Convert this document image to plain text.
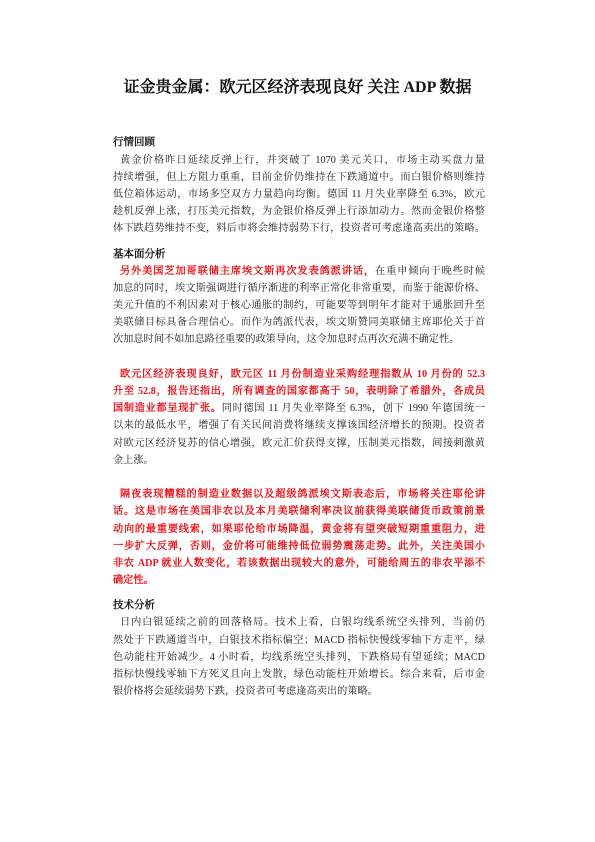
证金贵金属：欧元区经济表现良好 关注 ADP 数据
行情回顾
黄金价格昨日延续反弹上行，并突破了 1070 美元关口，市场主动买盘力量
持续增强，但上方阻力重重，目前金价仍维持在下跌通道中。而白银价格则维持
低位箱体运动，市场多空双方力量趋向均衡。德国 11 月失业率降至 6.3%，欧元
趁机反弹上涨，打压美元指数，为金银价格反弹上行添加动力。然而金银价格整
体下跌趋势维持不变，料后市将会维持弱势下行，投资者可考虑逢高卖出的策略。
基本面分析
另外美国芝加哥联储主席埃文斯再次发表鸽派讲话，在重申倾向于晚些时候
加息的同时，埃文斯强调进行循序渐进的利率正常化非常重要，而鉴于能源价格、
美元升值的不利因素对于核心通胀的制约，可能要等到明年才能对于通胀回升至
美联储目标具备合理信心。而作为鸽派代表，埃文斯赞同美联储主席耶伦关于首
次加息时间不如加息路径重要的政策导向，这令加息时点再次充满不确定性。
欧元区经济表现良好，欧元区 11 月份制造业采购经理指数从 10 月份的 52.3
升至 52.8，报告还指出，所有调查的国家都高于 50，表明除了希腊外，各成员
国制造业都呈现扩张。同时德国 11 月失业率降至 6.3%，创下 1990 年德国统一
以来的最低水平，增强了有关民间消费将继续支撑该国经济增长的预期。投资者
对欧元区经济复苏的信心增强，欧元汇价获得支撑，压制美元指数，间接刺激黄
金上涨。
隔夜表现糟糕的制造业数据以及超级鸽派埃文斯表态后，市场将关注耶伦讲
话。这是市场在美国非农以及本月美联储利率决议前获得美联储货币政策前景
动向的最重要线索，如果耶伦给市场降温，黄金将有望突破短期重重阻力，进
一步扩大反弹，否则，金价将可能维持低位弱势震荡走势。此外，关注美国小
非农 ADP 就业人数变化，若该数据出现较大的意外，可能给周五的非农平添不
确定性。
技术分析
日内白银延续之前的回落格局。技术上看，白银均线系统空头排列，当前仍
然处于下跌通道当中，白银技术指标偏空；MACD 指标快慢线零轴下方走平，绿
色动能柱开始减少。4 小时看，均线系统空头排列，下跌格局有望延续；MACD
指标快慢线零轴下方死叉且向上发散，绿色动能柱开始增长。综合来看，后市金
银价格将会延续弱势下跌，投资者可考虑逢高卖出的策略。
